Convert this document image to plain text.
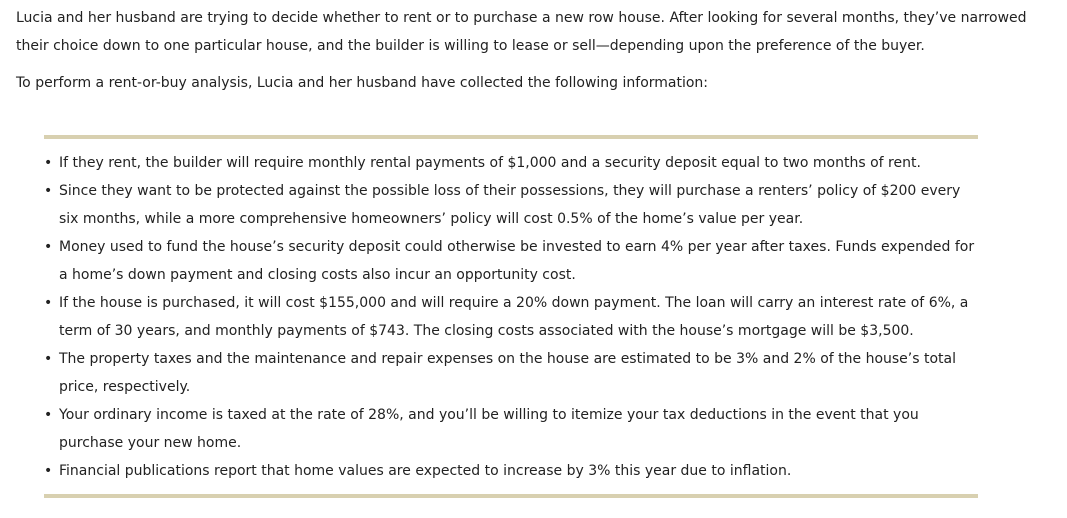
Lucia and her husband are trying to decide whether to rent or to purchase a new row house. After looking for several months, they’ve narrowed their choice down to one particular house, and the builder is willing to lease or sell—depending upon the preference of the buyer.

To perform a rent-or-buy analysis, Lucia and her husband have collected the following information:

• If they rent, the builder will require monthly rental payments of $1,000 and a security deposit equal to two months of rent.
• Since they want to be protected against the possible loss of their possessions, they will purchase a renters’ policy of $200 every six months, while a more comprehensive homeowners’ policy will cost 0.5% of the home’s value per year.
• Money used to fund the house’s security deposit could otherwise be invested to earn 4% per year after taxes. Funds expended for a home’s down payment and closing costs also incur an opportunity cost.
• If the house is purchased, it will cost $155,000 and will require a 20% down payment. The loan will carry an interest rate of 6%, a term of 30 years, and monthly payments of $743. The closing costs associated with the house’s mortgage will be $3,500.
• The property taxes and the maintenance and repair expenses on the house are estimated to be 3% and 2% of the house’s total price, respectively.
• Your ordinary income is taxed at the rate of 28%, and you’ll be willing to itemize your tax deductions in the event that you purchase your new home.
• Financial publications report that home values are expected to increase by 3% this year due to inflation.
